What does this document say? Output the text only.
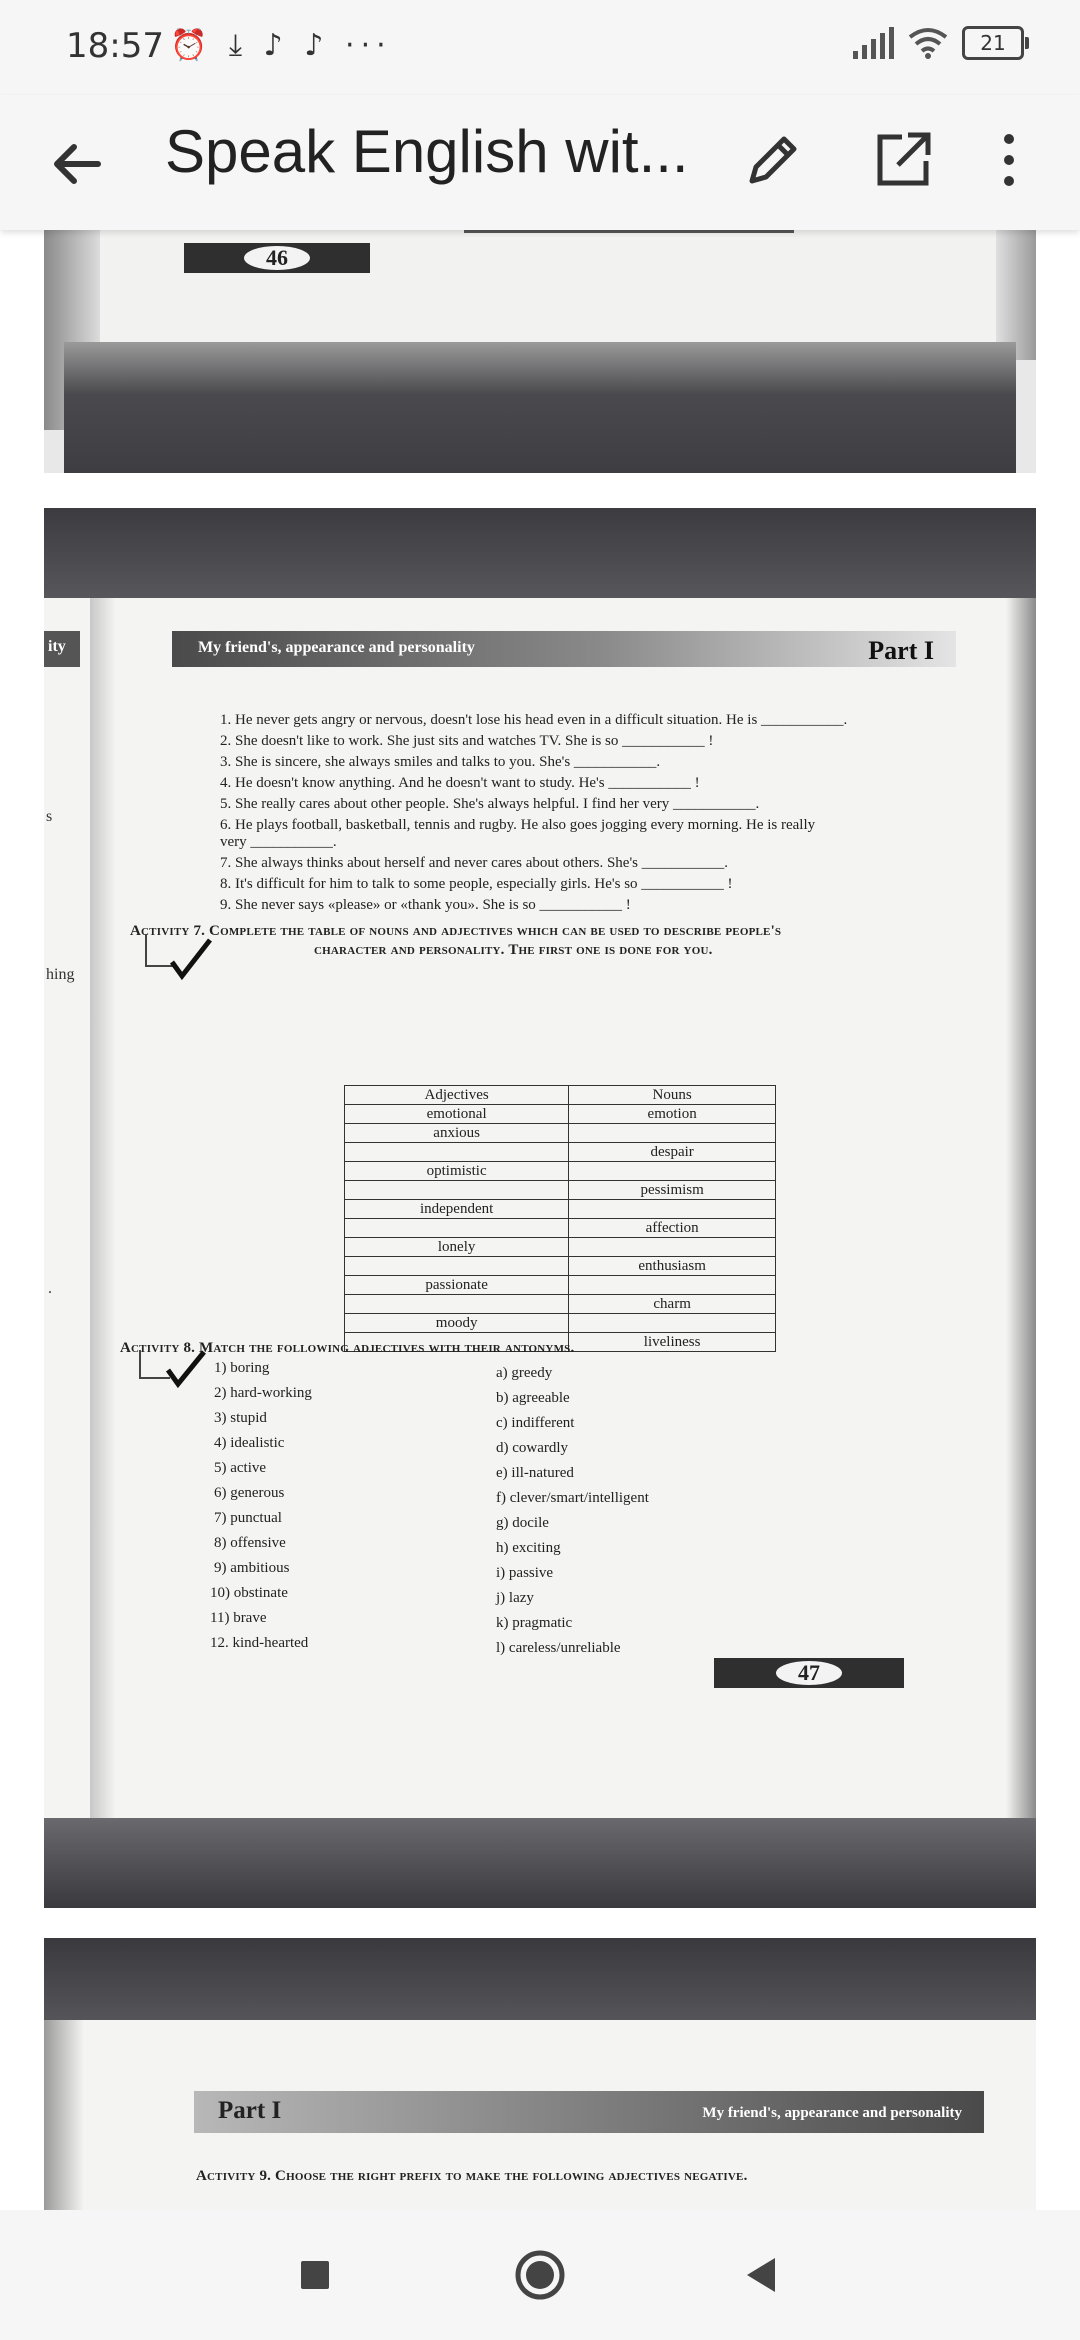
18:57 ⏰ ⤓ ♪ ♪ ···	21
Speak English wit...
46
ity
s
hing
.
My friend's, appearance and personality	Part I
1. He never gets angry or nervous, doesn't lose his head even in a difficult situation. He is ___________.
2. She doesn't like to work. She just sits and watches TV. She is so ___________ !
3. She is sincere, she always smiles and talks to you. She's ___________.
4. He doesn't know anything. And he doesn't want to study. He's ___________ !
5. She really cares about other people. She's always helpful. I find her very ___________.
6. He plays football, basketball, tennis and rugby. He also goes jogging every morning. He is really
very ___________.
7. She always thinks about herself and never cares about others. She's ___________.
8. It's difficult for him to talk to some people, especially girls. He's so ___________ !
9. She never says «please» or «thank you». She is so ___________ !
Activity 7. Complete the table of nouns and adjectives which can be used to describe people's
character and personality. The first one is done for you.
Adjectives	Nouns
emotional	emotion
anxious	
	despair
optimistic	
	pessimism
independent	
	affection
lonely	
	enthusiasm
passionate	
	charm
moody	
	liveliness
Activity 8. Match the following adjectives with their antonyms.
1) boring
2) hard-working
3) stupid
4) idealistic
5) active
6) generous
7) punctual
8) offensive
9) ambitious
10) obstinate
11) brave
12. kind-hearted
a) greedy
b) agreeable
c) indifferent
d) cowardly
e) ill-natured
f) clever/smart/intelligent
g) docile
h) exciting
i) passive
j) lazy
k) pragmatic
l) careless/unreliable
47
Part I	My friend's, appearance and personality
Activity 9. Choose the right prefix to make the following adjectives negative.
